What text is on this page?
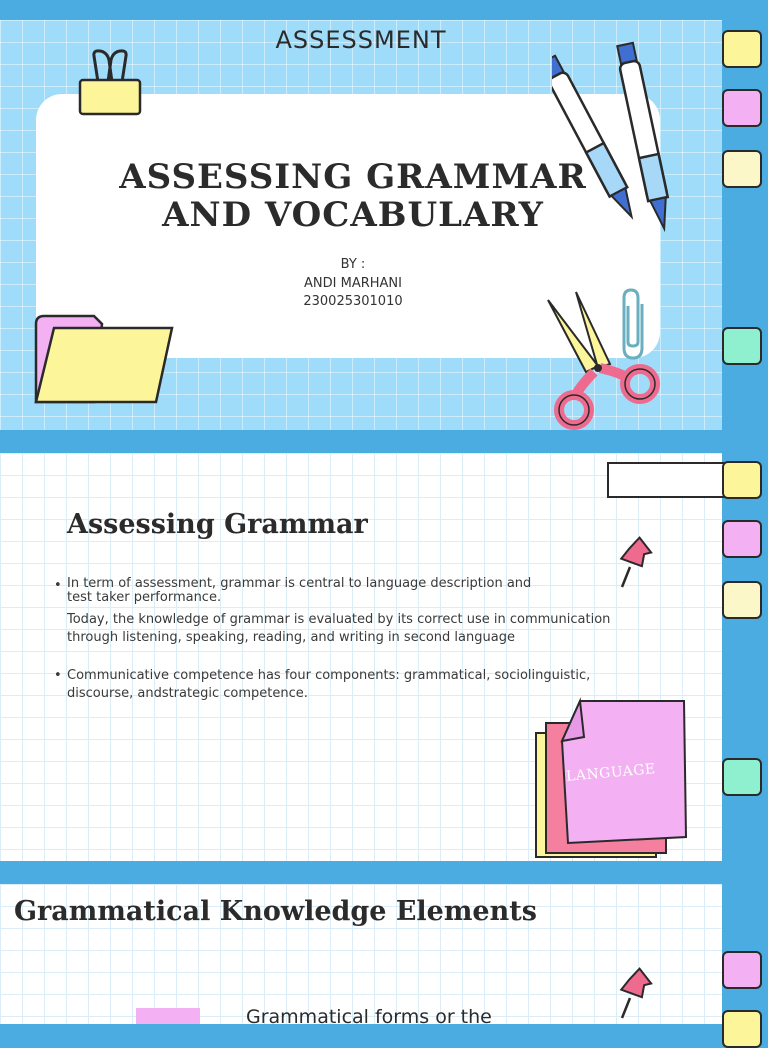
ASSESSMENT
ASSESSING GRAMMAR
AND VOCABULARY
BY :
ANDI MARHANI
230025301010
Assessing Grammar
• In term of assessment, grammar is central to language description and
test taker performance.
Today, the knowledge of grammar is evaluated by its correct use in communication
through listening, speaking, reading, and writing in second language
• Communicative competence has four components: grammatical, sociolinguistic,
discourse, andstrategic competence.
LANGUAGE
Grammatical Knowledge Elements
Grammatical forms or the
